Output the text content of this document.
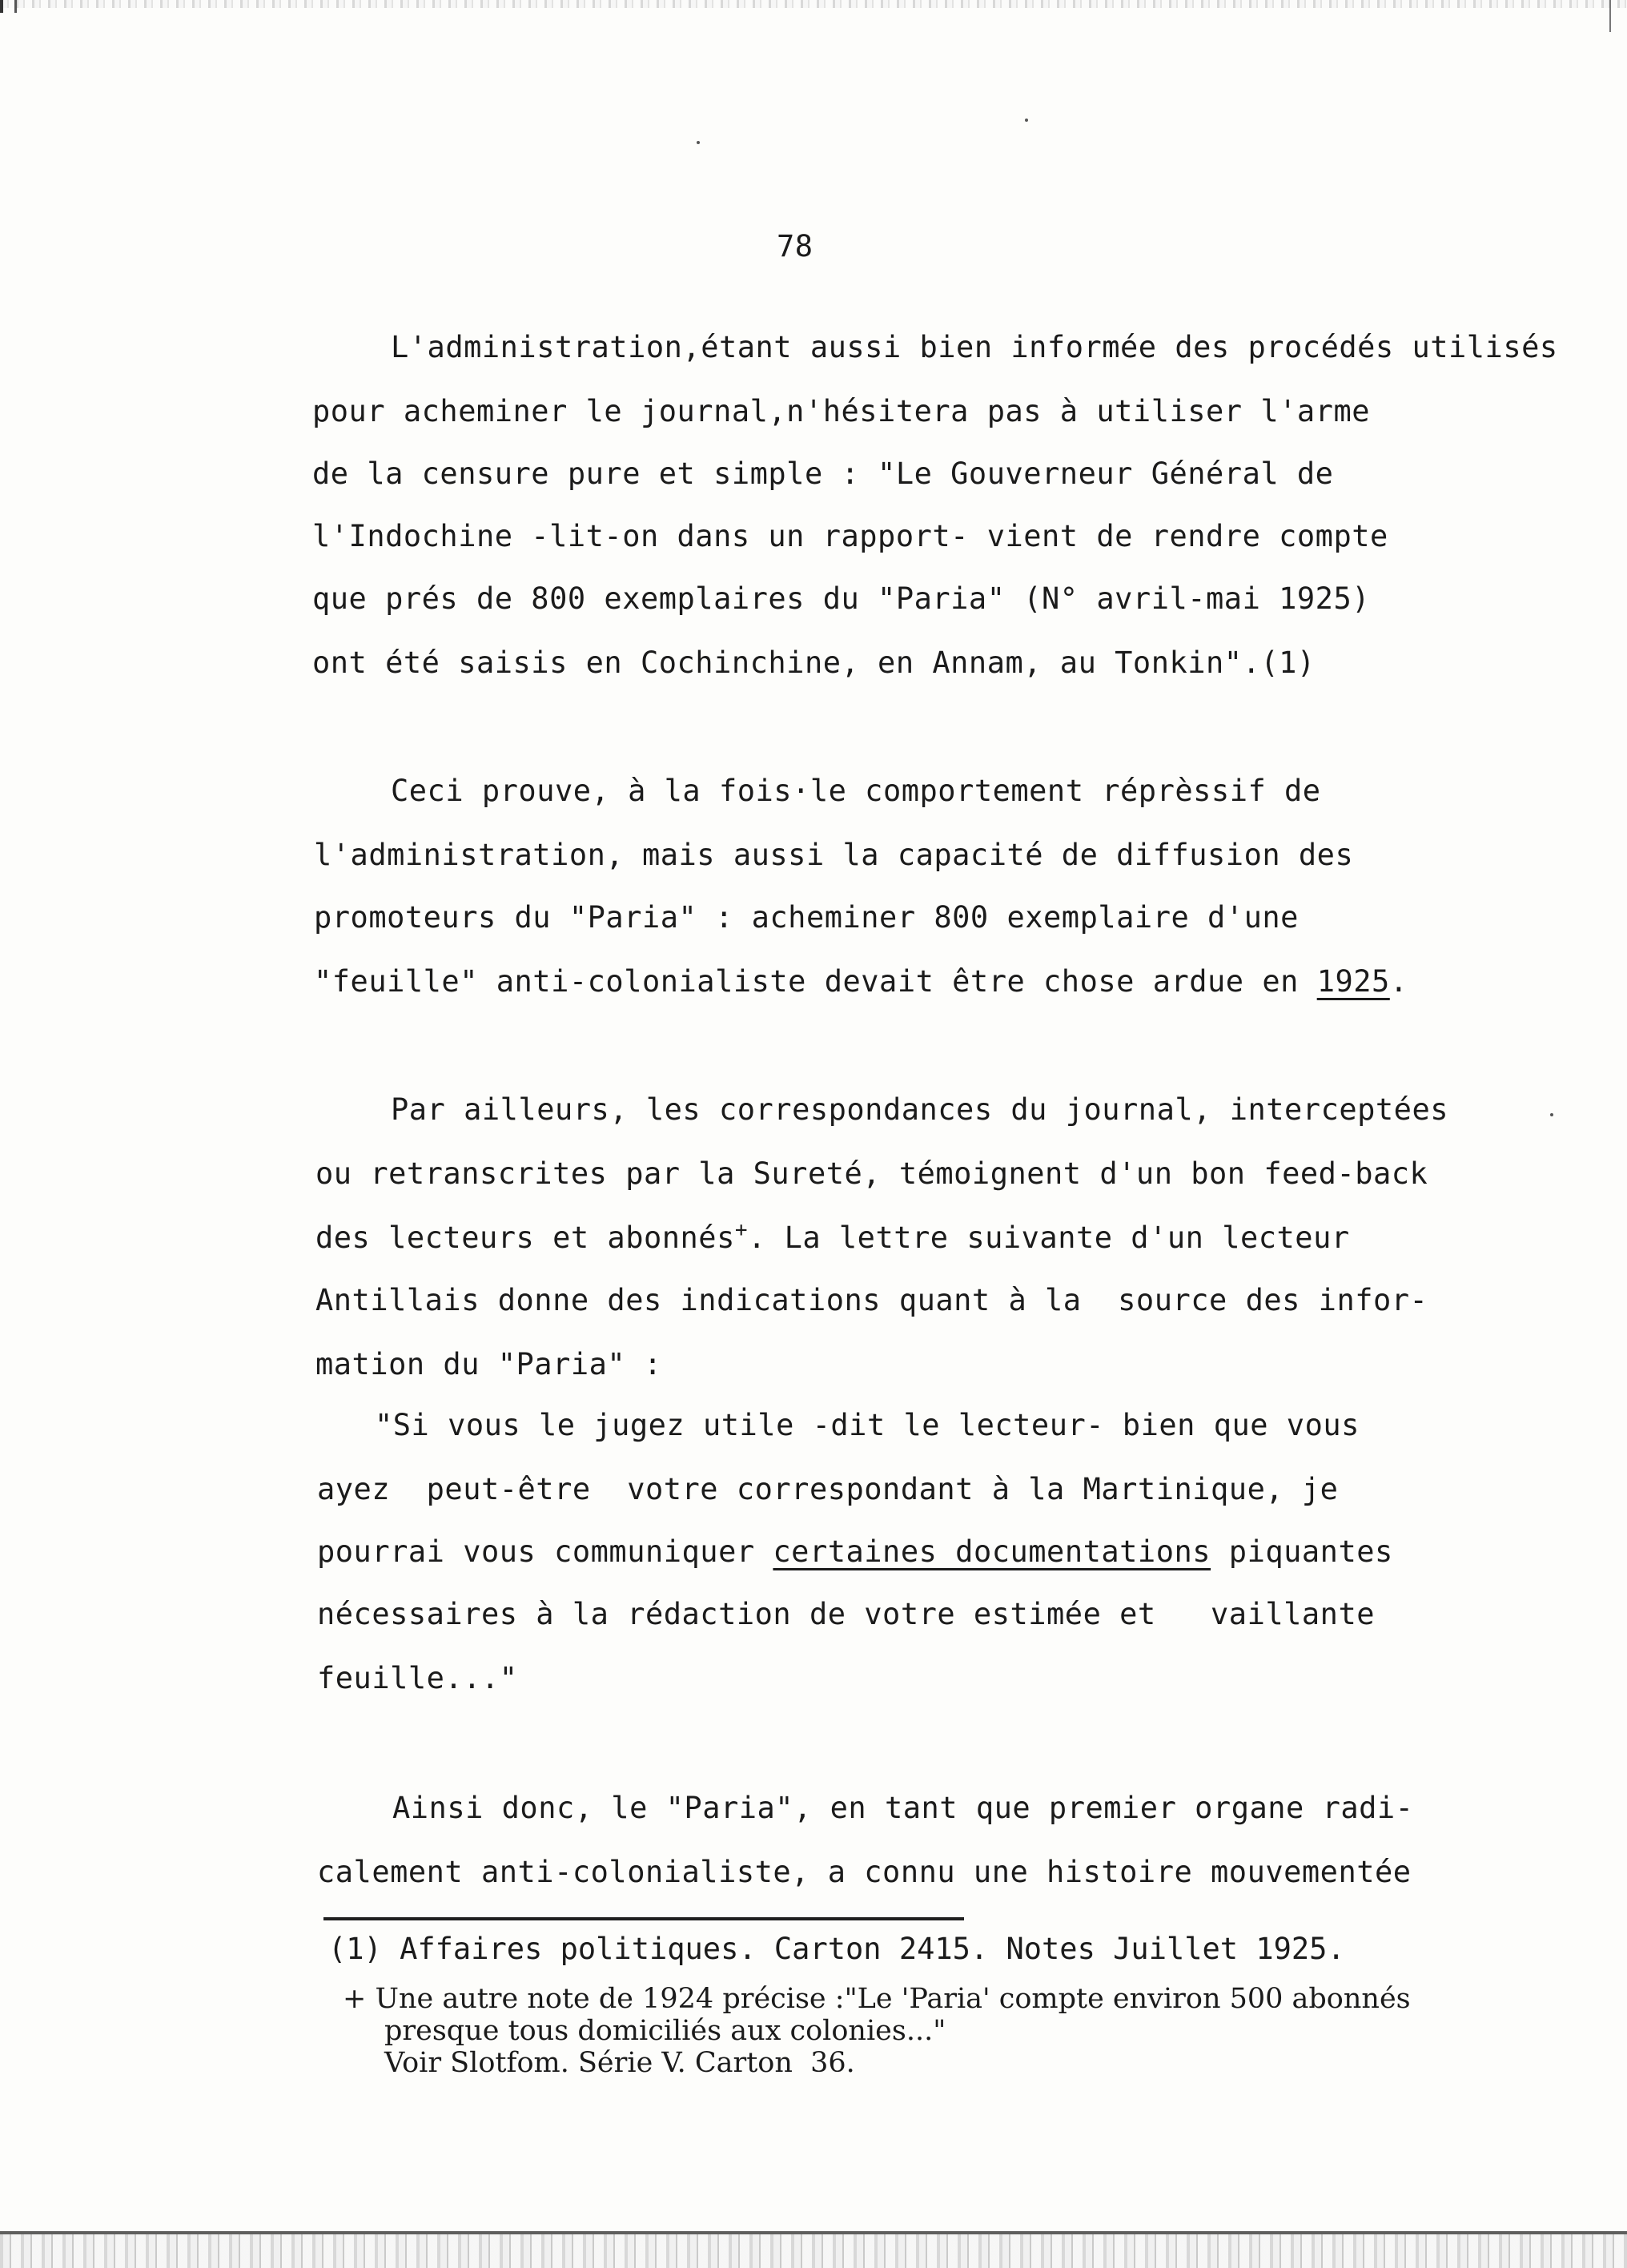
78
L'administration,étant aussi bien informée des procédés utilisés
pour acheminer le journal,n'hésitera pas à utiliser l'arme
de la censure pure et simple : "Le Gouverneur Général de
l'Indochine -lit-on dans un rapport- vient de rendre compte
que prés de 800 exemplaires du "Paria" (N° avril-mai 1925)
ont été saisis en Cochinchine, en Annam, au Tonkin".(1)
Ceci prouve, à la fois·le comportement réprèssif de
l'administration, mais aussi la capacité de diffusion des
promoteurs du "Paria" : acheminer 800 exemplaire d'une
"feuille" anti-colonialiste devait être chose ardue en 1925.
Par ailleurs, les correspondances du journal, interceptées
ou retranscrites par la Sureté, témoignent d'un bon feed-back
des lecteurs et abonnés+. La lettre suivante d'un lecteur
Antillais donne des indications quant à la  source des infor-
mation du "Paria" :
"Si vous le jugez utile -dit le lecteur- bien que vous
ayez  peut-être  votre correspondant à la Martinique, je
pourrai vous communiquer certaines documentations piquantes
nécessaires à la rédaction de votre estimée et   vaillante
feuille..."
Ainsi donc, le "Paria", en tant que premier organe radi-
calement anti-colonialiste, a connu une histoire mouvementée
(1) Affaires politiques. Carton 2415. Notes Juillet 1925.
+ Une autre note de 1924 précise :"Le 'Paria' compte environ 500 abonnés
presque tous domiciliés aux colonies..."
Voir Slotfom. Série V. Carton  36.
